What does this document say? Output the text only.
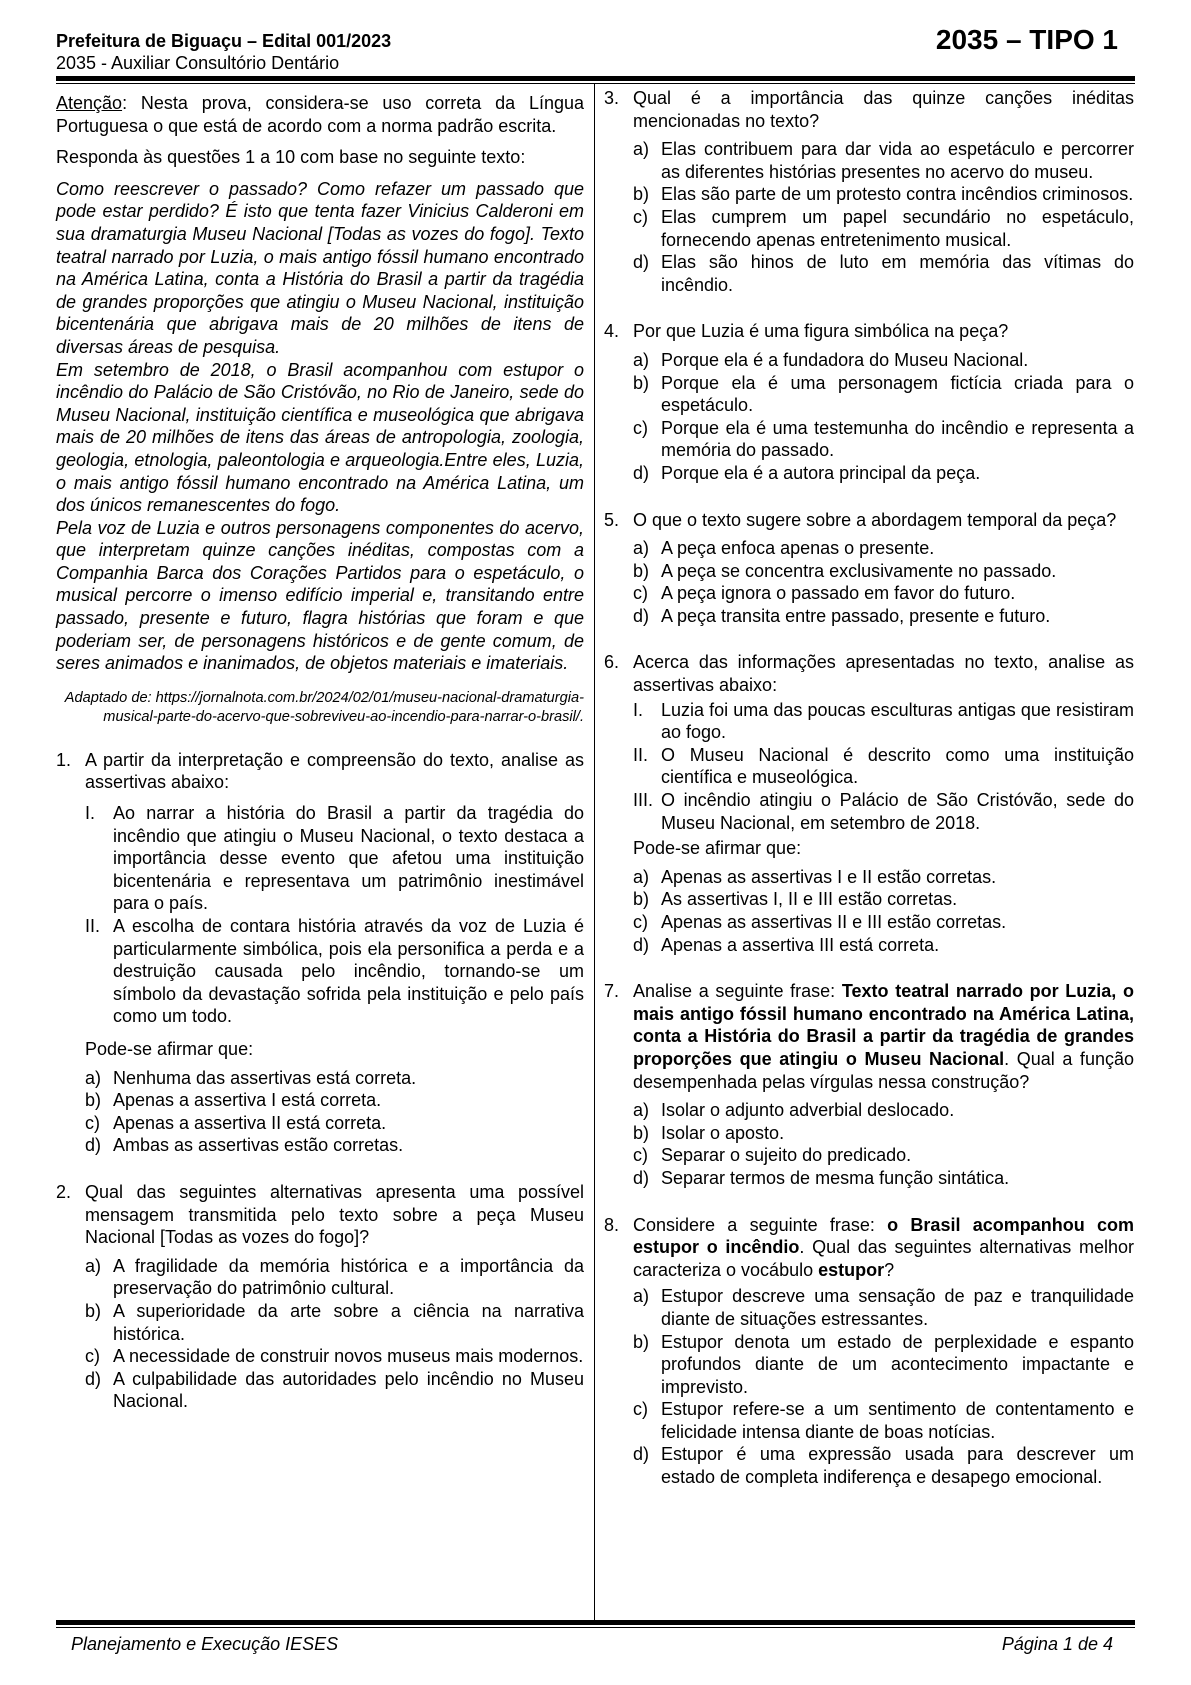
Prefeitura de Biguaçu – Edital 001/2023
2035 - Auxiliar Consultório Dentário
2035 – TIPO 1

Atenção: Nesta prova, considera-se uso correta da Língua Portuguesa o que está de acordo com a norma padrão escrita.

Responda às questões 1 a 10 com base no seguinte texto:

Como reescrever o passado? Como refazer um passado que pode estar perdido? É isto que tenta fazer Vinicius Calderoni em sua dramaturgia Museu Nacional [Todas as vozes do fogo]. Texto teatral narrado por Luzia, o mais antigo fóssil humano encontrado na América Latina, conta a História do Brasil a partir da tragédia de grandes proporções que atingiu o Museu Nacional, instituição bicentenária que abrigava mais de 20 milhões de itens de diversas áreas de pesquisa.

Em setembro de 2018, o Brasil acompanhou com estupor o incêndio do Palácio de São Cristóvão, no Rio de Janeiro, sede do Museu Nacional, instituição científica e museológica que abrigava mais de 20 milhões de itens das áreas de antropologia, zoologia, geologia, etnologia, paleontologia e arqueologia.Entre eles, Luzia, o mais antigo fóssil humano encontrado na América Latina, um dos únicos remanescentes do fogo.

Pela voz de Luzia e outros personagens componentes do acervo, que interpretam quinze canções inéditas, compostas com a Companhia Barca dos Corações Partidos para o espetáculo, o musical percorre o imenso edifício imperial e, transitando entre passado, presente e futuro, flagra histórias que foram e que poderiam ser, de personagens históricos e de gente comum, de seres animados e inanimados, de objetos materiais e imateriais.

Adaptado de: https://jornalnota.com.br/2024/02/01/museu-nacional-dramaturgia-musical-parte-do-acervo-que-sobreviveu-ao-incendio-para-narrar-o-brasil/.

1. A partir da interpretação e compreensão do texto, analise as assertivas abaixo:

I. Ao narrar a história do Brasil a partir da tragédia do incêndio que atingiu o Museu Nacional, o texto destaca a importância desse evento que afetou uma instituição bicentenária e representava um patrimônio inestimável para o país.
II. A escolha de contara história através da voz de Luzia é particularmente simbólica, pois ela personifica a perda e a destruição causada pelo incêndio, tornando-se um símbolo da devastação sofrida pela instituição e pelo país como um todo.
Pode-se afirmar que:
a) Nenhuma das assertivas está correta.
b) Apenas a assertiva I está correta.
c) Apenas a assertiva II está correta.
d) Ambas as assertivas estão corretas.
2. Qual das seguintes alternativas apresenta uma possível mensagem transmitida pelo texto sobre a peça Museu Nacional [Todas as vozes do fogo]?

a) A fragilidade da memória histórica e a importância da preservação do patrimônio cultural.
b) A superioridade da arte sobre a ciência na narrativa histórica.
c) A necessidade de construir novos museus mais modernos.
d) A culpabilidade das autoridades pelo incêndio no Museu Nacional.
3. Qual é a importância das quinze canções inéditas mencionadas no texto?

a) Elas contribuem para dar vida ao espetáculo e percorrer as diferentes histórias presentes no acervo do museu.
b) Elas são parte de um protesto contra incêndios criminosos.
c) Elas cumprem um papel secundário no espetáculo, fornecendo apenas entretenimento musical.
d) Elas são hinos de luto em memória das vítimas do incêndio.
4. Por que Luzia é uma figura simbólica na peça?

a) Porque ela é a fundadora do Museu Nacional.
b) Porque ela é uma personagem fictícia criada para o espetáculo.
c) Porque ela é uma testemunha do incêndio e representa a memória do passado.
d) Porque ela é a autora principal da peça.
5. O que o texto sugere sobre a abordagem temporal da peça?

a) A peça enfoca apenas o presente.
b) A peça se concentra exclusivamente no passado.
c) A peça ignora o passado em favor do futuro.
d) A peça transita entre passado, presente e futuro.
6. Acerca das informações apresentadas no texto, analise as assertivas abaixo:

I. Luzia foi uma das poucas esculturas antigas que resistiram ao fogo.
II. O Museu Nacional é descrito como uma instituição científica e museológica.
III. O incêndio atingiu o Palácio de São Cristóvão, sede do Museu Nacional, em setembro de 2018.
Pode-se afirmar que:
a) Apenas as assertivas I e II estão corretas.
b) As assertivas I, II e III estão corretas.
c) Apenas as assertivas II e III estão corretas.
d) Apenas a assertiva III está correta.
7. Analise a seguinte frase: Texto teatral narrado por Luzia, o mais antigo fóssil humano encontrado na América Latina, conta a História do Brasil a partir da tragédia de grandes proporções que atingiu o Museu Nacional. Qual a função desempenhada pelas vírgulas nessa construção?

a) Isolar o adjunto adverbial deslocado.
b) Isolar o aposto.
c) Separar o sujeito do predicado.
d) Separar termos de mesma função sintática.
8. Considere a seguinte frase: o Brasil acompanhou com estupor o incêndio. Qual das seguintes alternativas melhor caracteriza o vocábulo estupor?

a) Estupor descreve uma sensação de paz e tranquilidade diante de situações estressantes.
b) Estupor denota um estado de perplexidade e espanto profundos diante de um acontecimento impactante e imprevisto.
c) Estupor refere-se a um sentimento de contentamento e felicidade intensa diante de boas notícias.
d) Estupor é uma expressão usada para descrever um estado de completa indiferença e desapego emocional.
Planejamento e Execução IESES	Página 1 de 4
